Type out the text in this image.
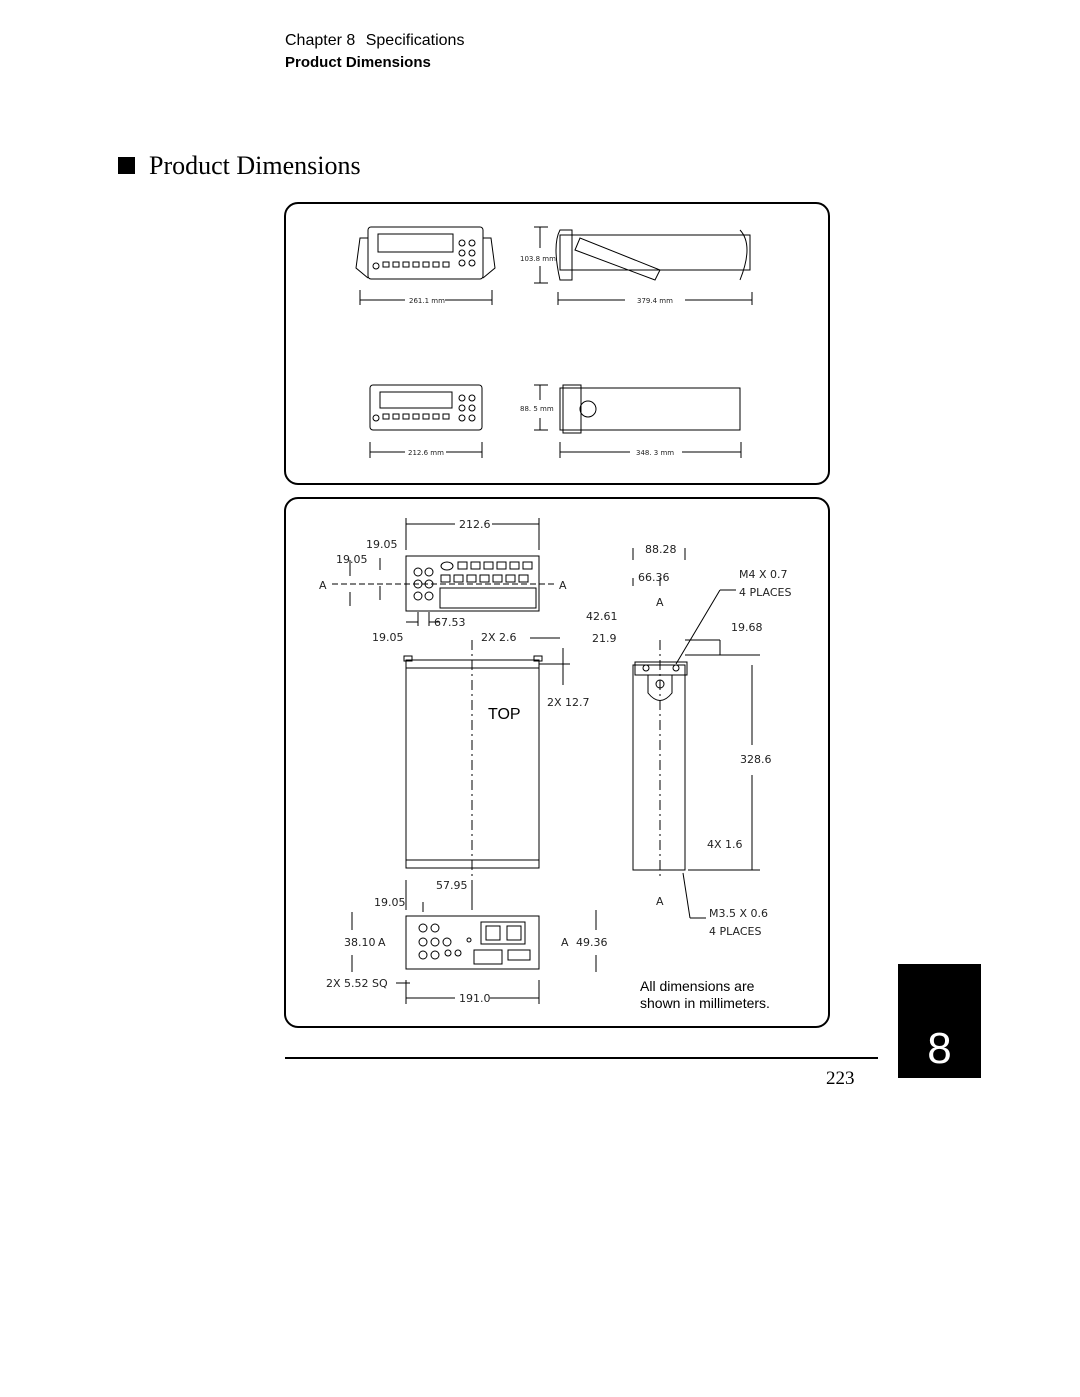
Chapter 8 Specifications
Product Dimensions
Product Dimensions
261.1 mm
103.8 mm
379.4 mm
212.6 mm
88. 5 mm
348. 3 mm
212.6
19.05
19.05
A	A
67.53
19.05	2X 2.6
2X 12.7
TOP
88.28
66.36
A
42.61
21.9
19.68
328.6
4X 1.6
M4 X 0.7
4 PLACES
A
M3.5 X 0.6
4 PLACES
57.95
19.05
38.10 A	A 49.36
2X 5.52 SQ
191.0
All dimensions are
shown in millimeters.
223
8
